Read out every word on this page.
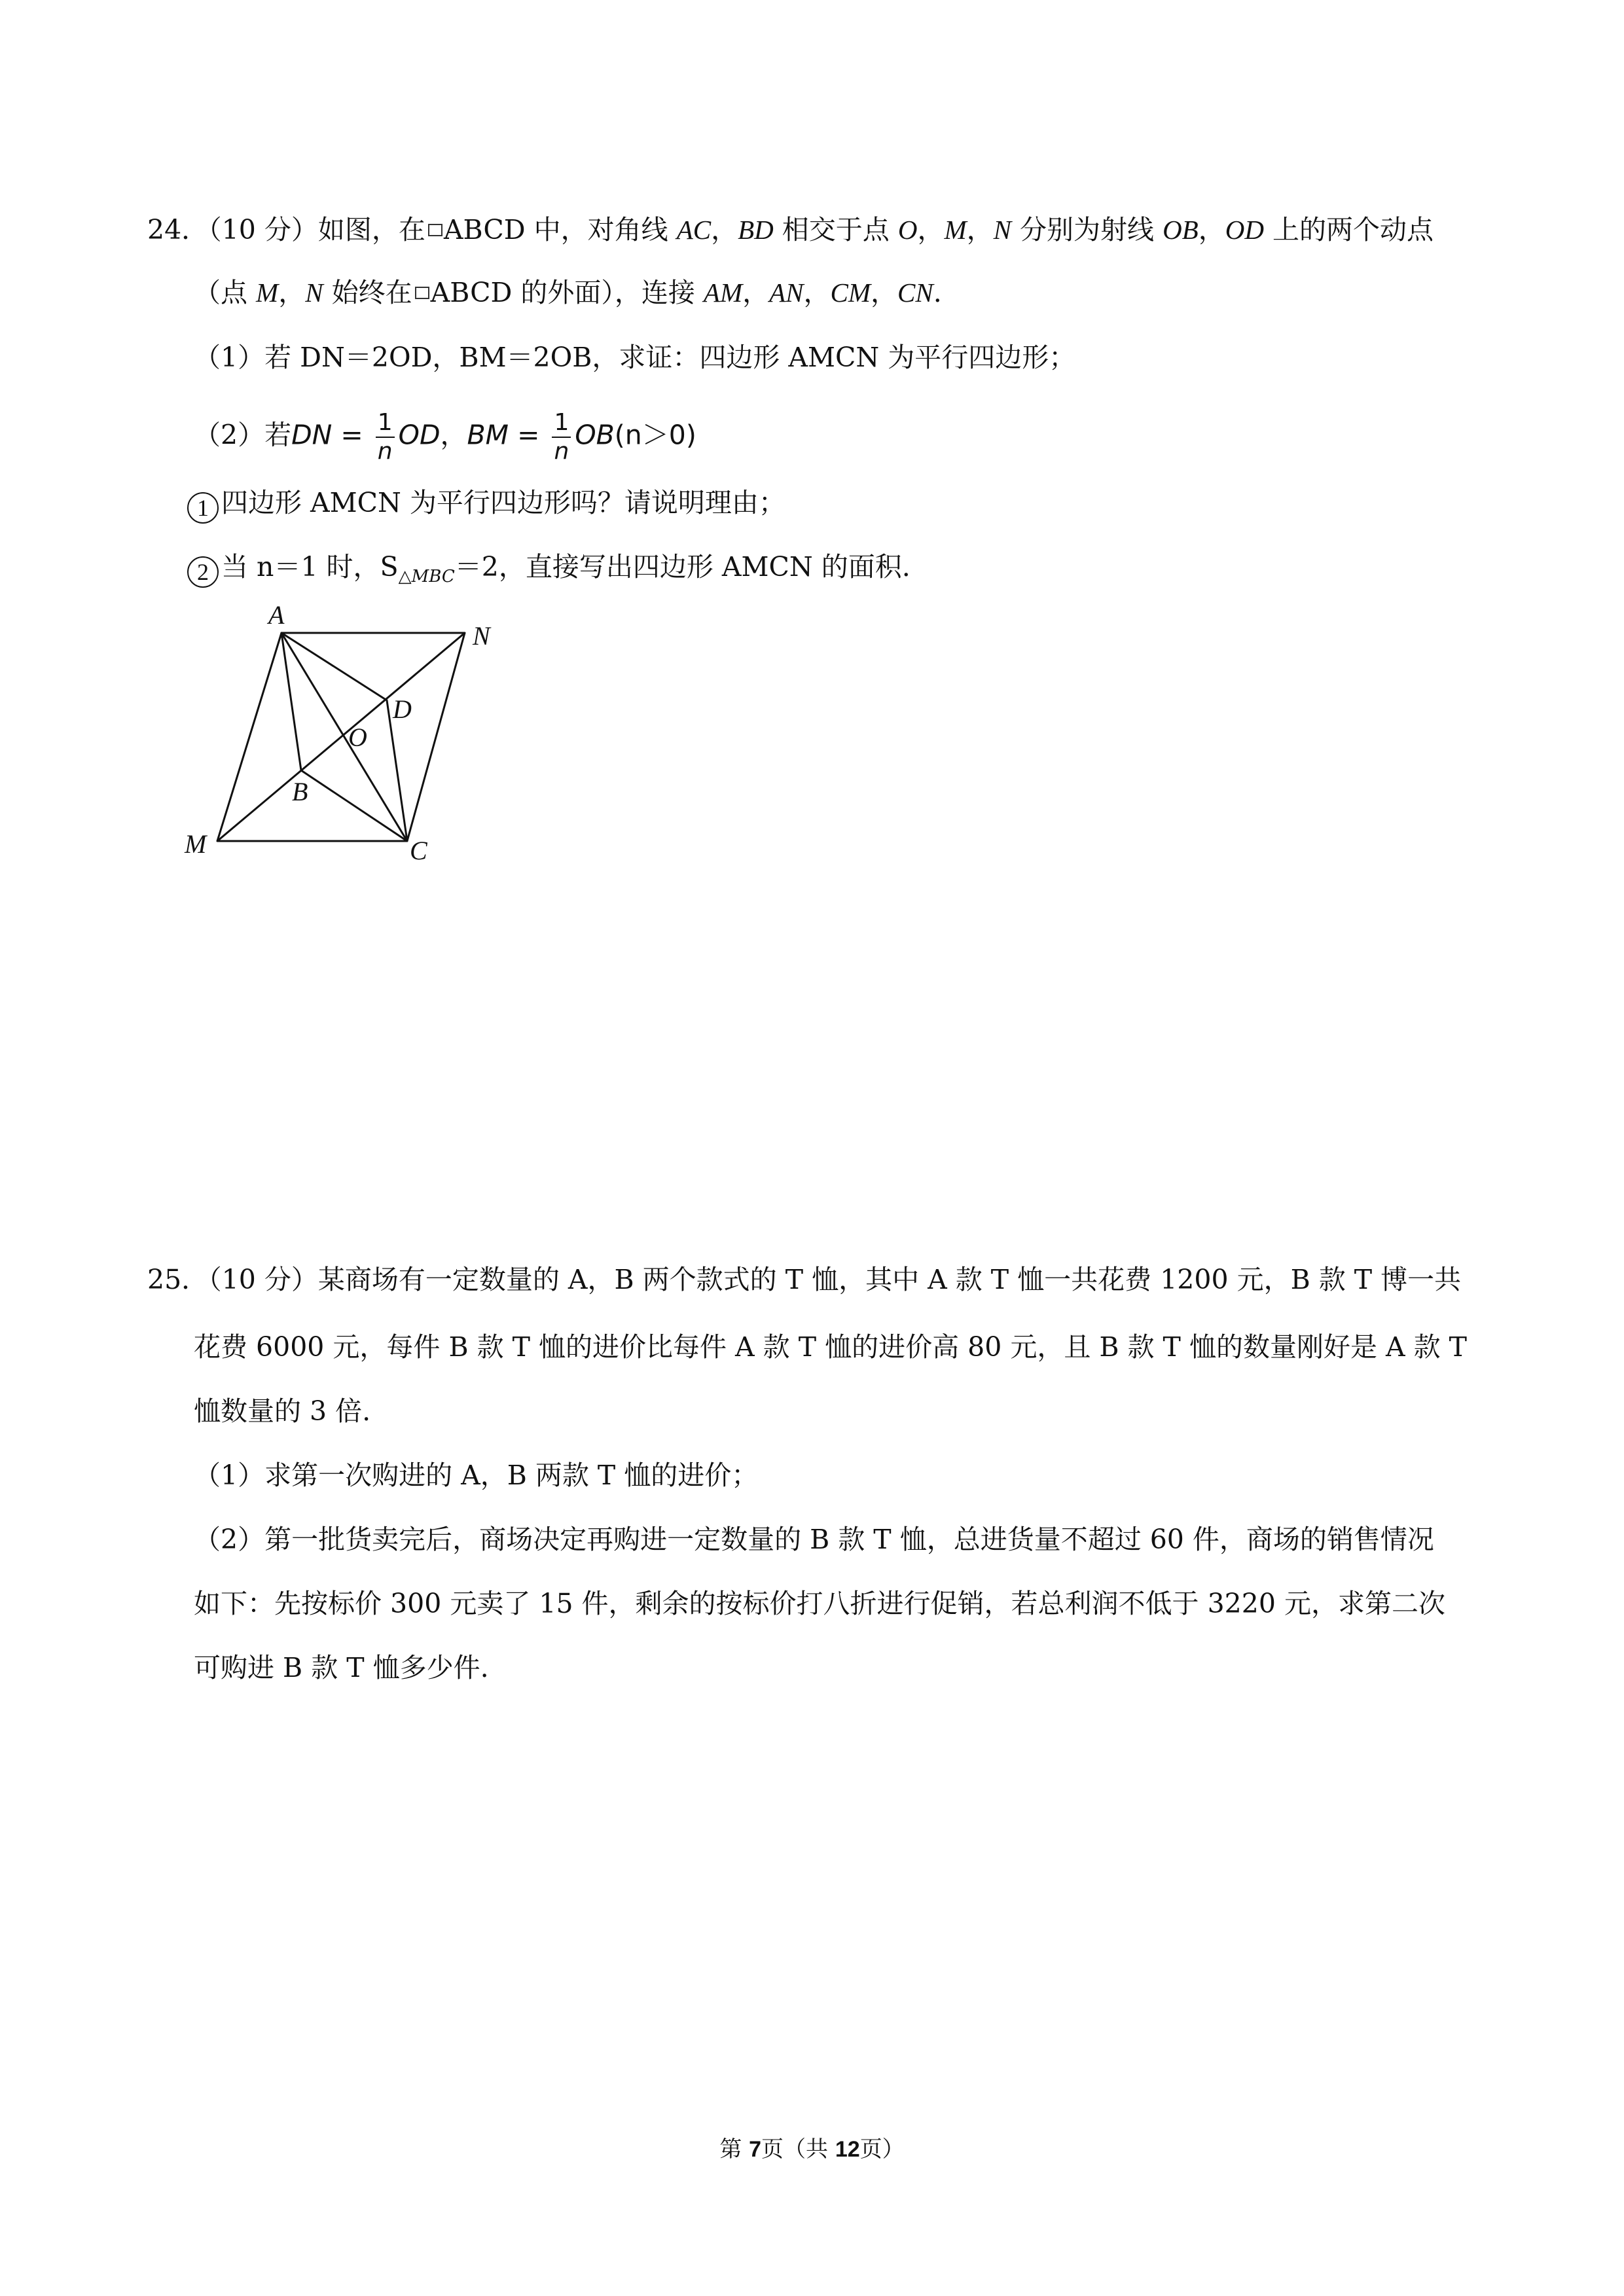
24．（10 分）如图，在 ABCD 中，对角线 AC，BD 相交于点 O，M，N 分别为射线 OB，OD 上的两个动点
（点 M，N 始终在 ABCD 的外面），连接 AM，AN，CM，CN.
（1）若 DN＝2OD，BM＝2OB，求证：四边形 AMCN 为平行四边形；
（2）若DN = $\frac{1}{n}$ OD，BM = $\frac{1}{n} OB(n>0)$
1 四边形 AMCN 为平行四边形吗？请说明理由；
2 当 n＝1 时，$S_{\triangle MBC}=2$，直接写出四边形 AMCN 的面积.
A
N
D
O
B
M	C
25．（10 分）某商场有一定数量的 A，B 两个款式的 T 恤，其中 A 款 T 恤一共花费 1200 元，B 款 T 博一共
花费 6000 元，每件 B 款 T 恤的进价比每件 A 款 T 恤的进价高 80 元，且 B 款 T 恤的数量刚好是 A 款 T
恤数量的 3 倍.
（1）求第一次购进的 A，B 两款 T 恤的进价；
（2）第一批货卖完后，商场决定再购进一定数量的 B 款 T 恤，总进货量不超过 60 件，商场的销售情况
如下：先按标价 300 元卖了 15 件，剩余的按标价打八折进行促销，若总利润不低于 3220 元，求第二次
可购进 B 款 T 恤多少件.
第 7页（共 12页）
